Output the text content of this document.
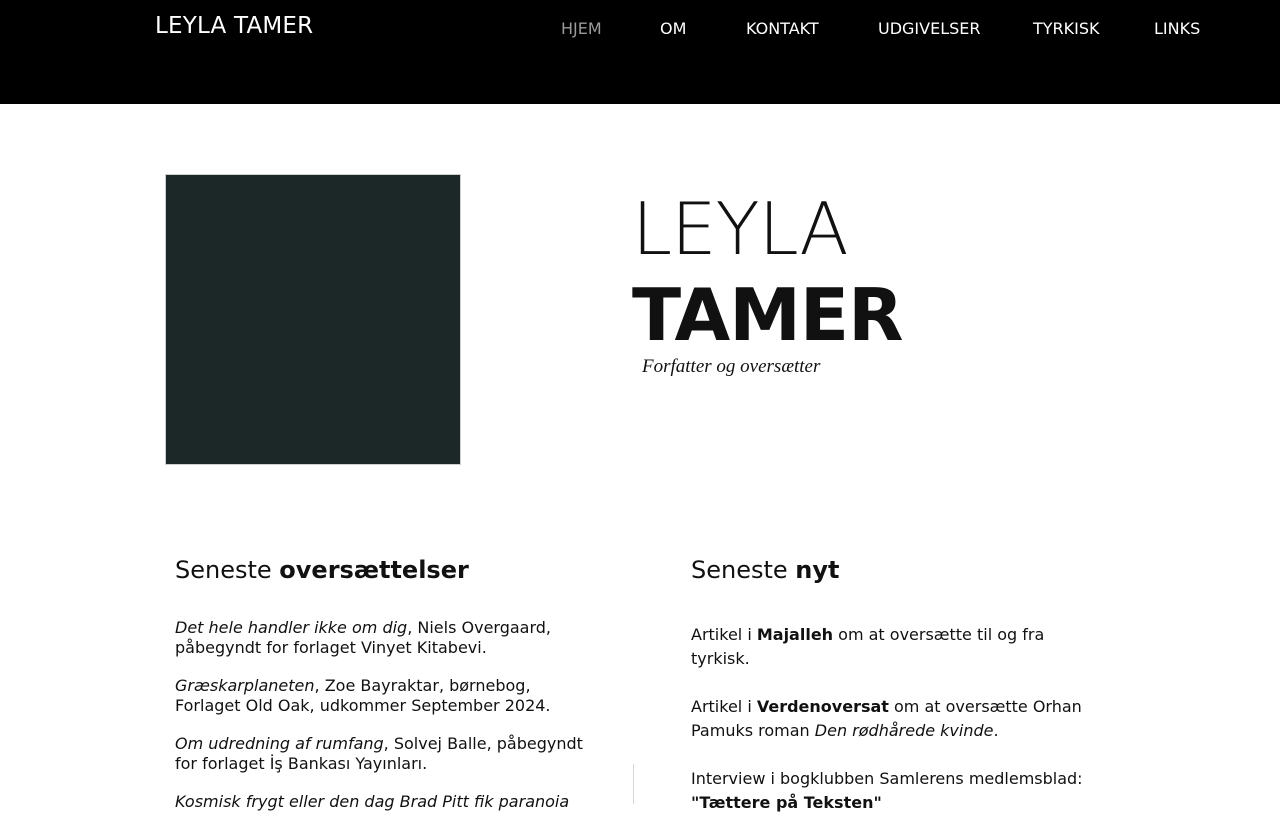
LEYLA TAMER	HJEM	OM	KONTAKT	UDGIVELSER	TYRKISK	LINKS
LEYLA
TAMER
Forfatter og oversætter
Seneste oversættelser

Det hele handler ikke om dig, Niels Overgaard, påbegyndt for forlaget Vinyet Kitabevi.

Græskarplaneten, Zoe Bayraktar, børnebog, Forlaget Old Oak, udkommer September 2024.

Om udredning af rumfang, Solvej Balle, påbegyndt for forlaget İş Bankası Yayınları.

Kosmisk frygt eller den dag Brad Pitt fik paranoia

Seneste nyt

Artikel i Majalleh om at oversætte til og fra tyrkisk.

Artikel i Verdenoversat om at oversætte Orhan Pamuks roman Den rødhårede kvinde.

Interview i bogklubben Samlerens medlemsblad:
"Tættere på Teksten"
